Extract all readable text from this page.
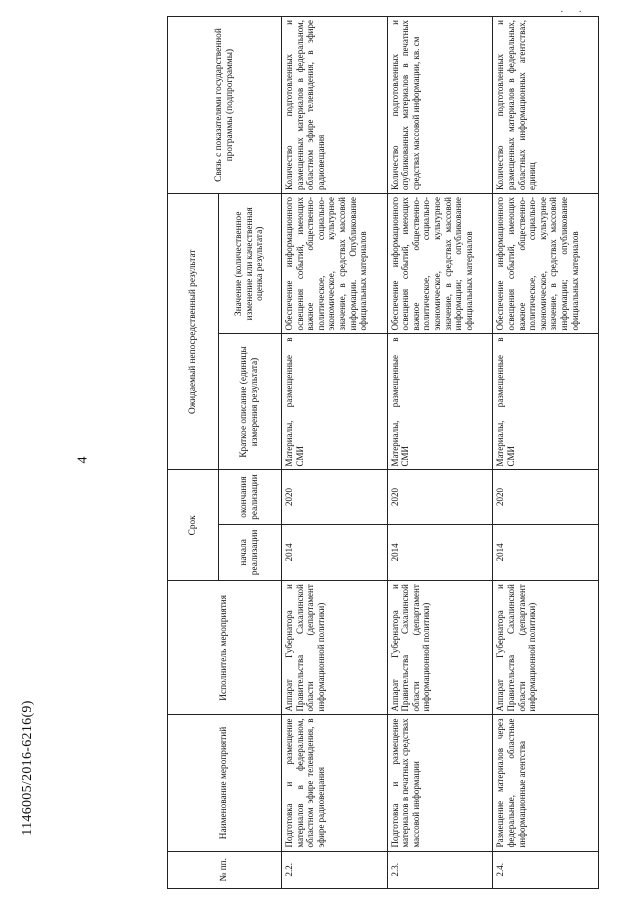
· ·
4
1146005/2016-6216(9)
№ пп.	Наименование мероприятий	Исполнитель мероприятия	Срок		Ожидаемый непосредственный результат		Связь с показателями государственной программы (подпрограммы)
			начала реализации	окончания реализации	Краткое описание (единицы измерения результата)	Значение (количественное изменение или качественная оценка результата)	
2.2.	Подготовка и размещение материалов в федеральном, областном эфире телевидения, в эфире радиовещания	Аппарат Губернатора и Правительства Сахалинской области (департамент информационной политики)	2014	2020	Материалы, размещенные в СМИ	Обеспечение информационного освещения событий, имеющих важное общественно-политическое, социально-экономическое, культурное значение, в средствах массовой информации. Опубликование официальных материалов	Количество подготовленных и размещенных материалов в федеральном, областном эфире телевидения, в эфире радиовещания
2.3.	Подготовка и размещение материалов в печатных средствах массовой информации	Аппарат Губернатора и Правительства Сахалинской области (департамент информационной политики)	2014	2020	Материалы, размещенные в СМИ	Обеспечение информационного освещения событий, имеющих важное общественно-политическое, социально-экономическое, культурное значение, в средствах массовой информации; опубликование официальных материалов	Количество подготовленных и опубликованных материалов в печатных средствах массовой информации, кв. см
2.4.	Размещение материалов через федеральные, областные информационные агентства	Аппарат Губернатора и Правительства Сахалинской области (департамент информационной политики)	2014	2020	Материалы, размещенные в СМИ	Обеспечение информационного освещения событий, имеющих важное общественно-политическое, социально-экономическое, культурное значение, в средствах массовой информации; опубликование официальных материалов	Количество подготовленных и размещенных материалов в федеральных, областных информационных агентствах, единиц
